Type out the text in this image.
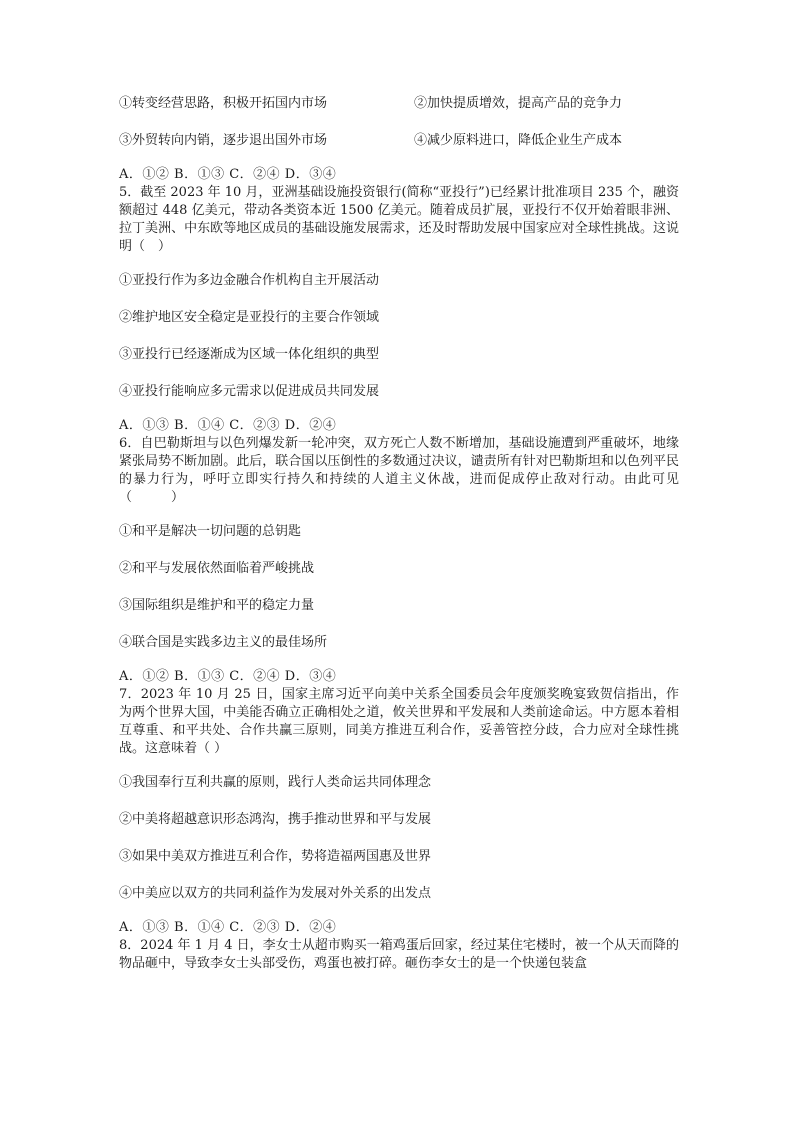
①转变经营思路，积极开拓国内市场	②加快提质增效，提高产品的竞争力
③外贸转向内销，逐步退出国外市场	④减少原料进口，降低企业生产成本
A．①② B．①③ C．②④ D．③④
5．截至 2023 年 10 月，亚洲基础设施投资银行(简称“亚投行”)已经累计批准项目 235 个，融资额超过 448 亿美元，带动各类资本近 1500 亿美元。随着成员扩展，亚投行不仅开始着眼非洲、拉丁美洲、中东欧等地区成员的基础设施发展需求，还及时帮助发展中国家应对全球性挑战。这说明（　）
①亚投行作为多边金融合作机构自主开展活动
②维护地区安全稳定是亚投行的主要合作领域
③亚投行已经逐渐成为区域一体化组织的典型
④亚投行能响应多元需求以促进成员共同发展
A．①③ B．①④ C．②③ D．②④
6．自巴勒斯坦与以色列爆发新一轮冲突，双方死亡人数不断增加，基础设施遭到严重破坏，地缘紧张局势不断加剧。此后，联合国以压倒性的多数通过决议，谴责所有针对巴勒斯坦和以色列平民的暴力行为，呼吁立即实行持久和持续的人道主义休战，进而促成停止敌对行动。由此可见（　　　）
①和平是解决一切问题的总钥匙
②和平与发展依然面临着严峻挑战
③国际组织是维护和平的稳定力量
④联合国是实践多边主义的最佳场所
A．①② B．①③ C．②④ D．③④
7．2023 年 10 月 25 日，国家主席习近平向美中关系全国委员会年度颁奖晚宴致贺信指出，作为两个世界大国，中美能否确立正确相处之道，攸关世界和平发展和人类前途命运。中方愿本着相互尊重、和平共处、合作共赢三原则，同美方推进互利合作，妥善管控分歧，合力应对全球性挑战。这意味着（ ）
①我国奉行互利共赢的原则，践行人类命运共同体理念
②中美将超越意识形态鸿沟，携手推动世界和平与发展
③如果中美双方推进互利合作，势将造福两国惠及世界
④中美应以双方的共同利益作为发展对外关系的出发点
A．①③ B．①④ C．②③ D．②④
8．2024 年 1 月 4 日，李女士从超市购买一箱鸡蛋后回家，经过某住宅楼时，被一个从天而降的物品砸中，导致李女士头部受伤，鸡蛋也被打碎。砸伤李女士的是一个快递包装盒
